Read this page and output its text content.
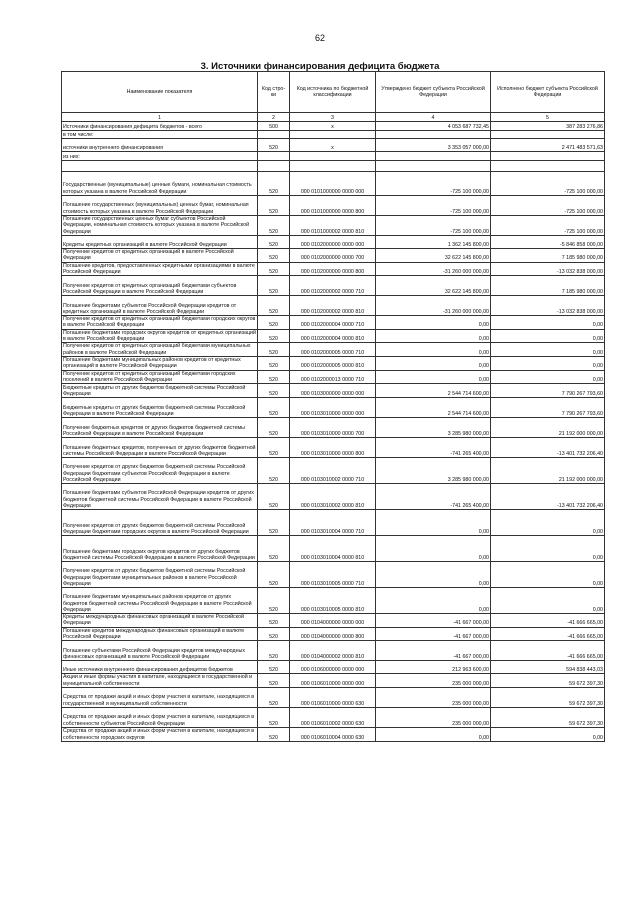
62
3. Источники финансирования дефицита бюджета
Наименование показателя	Код стро- ки	Код источника по бюджетной классификации	Утверждено бюджет субъекта Российской Федерации	Исполнено бюджет субъекта Российской Федерации
1	2	3	4	5
Источники финансирования дефицита бюджетов - всего	500	x	4 053 687 732,45	387 283 276,86
в том числе:				
источники внутреннего финансирования	520	x	3 353 057 000,00	2 471 483 571,63
из них:				

Государственные (муниципальные) ценные бумаги, номинальная стоимость которых указана в валюте Российской Федерации	520	000 0101000000 0000 000	-725 100 000,00	-725 100 000,00
Погашение государственных (муниципальных) ценных бумаг, номинальная стоимость которых указана в валюте Российской Федерации	520	000 0101000000 0000 800	-725 100 000,00	-725 100 000,00
Погашение государственных ценных бумаг субъектов Российской Федерации, номинальная стоимость которых указана в валюте Российской Федерации	520	000 0101000002 0000 810	-725 100 000,00	-725 100 000,00
Кредиты кредитных организаций в валюте Российской Федерации	520	000 0102000000 0000 000	1 362 145 800,00	-5 846 858 000,00
Получение кредитов от кредитных организаций в валюте Российской Федерации	520	000 0102000000 0000 700	32 622 145 800,00	7 185 980 000,00
Погашение кредитов, предоставленных кредитными организациями в валюте Российской Федерации	520	000 0102000000 0000 800	-31 260 000 000,00	-13 032 838 000,00
Получение кредитов от кредитных организаций бюджетами субъектов Российской Федерации в валюте Российской Федерации	520	000 0102000002 0000 710	32 622 145 800,00	7 185 980 000,00
Погашение бюджетами субъектов Российской Федерации кредитов от кредитных организаций в валюте Российской Федерации	520	000 0102000002 0000 810	-31 260 000 000,00	-13 032 838 000,00
Получение кредитов от кредитных организаций бюджетами городских округов в валюте Российской Федерации	520	000 0102000004 0000 710	0,00	0,00
Погашение бюджетами городских округов кредитов от кредитных организаций в валюте Российской Федерации	520	000 0102000004 0000 810	0,00	0,00
Получение кредитов от кредитных организаций бюджетами муниципальных районов в валюте Российской Федерации	520	000 0102000005 0000 710	0,00	0,00
Погашение бюджетами муниципальных районов кредитов от кредитных организаций в валюте Российской Федерации	520	000 0102000005 0000 810	0,00	0,00
Получение кредитов от кредитных организаций бюджетами городских поселений в валюте Российской Федерации	520	000 0102000013 0000 710	0,00	0,00
Бюджетные кредиты от других бюджетов бюджетной системы Российской Федерации	520	000 0103000000 0000 000	2 544 714 600,00	7 790 267 793,60
Бюджетные кредиты от других бюджетов бюджетной системы Российской Федерации в валюте Российской Федерации	520	000 0103010000 0000 000	2 544 714 600,00	7 790 267 793,60
Получение бюджетных кредитов от других бюджетов бюджетной системы Российской Федерации в валюте Российской Федерации	520	000 0103010000 0000 700	3 285 980 000,00	21 192 000 000,00
Погашение бюджетных кредитов, полученных от других бюджетов бюджетной системы Российской Федерации в валюте Российской Федерации	520	000 0103010000 0000 800	-741 265 400,00	-13 401 732 206,40
Получение кредитов от других бюджетов бюджетной системы Российской Федерации бюджетами субъектов Российской Федерации в валюте Российской Федерации	520	000 0103010002 0000 710	3 285 980 000,00	21 192 000 000,00
Погашение бюджетами субъектов Российской Федерации кредитов от других бюджетов бюджетной системы Российской Федерации в валюте Российской Федерации	520	000 0103010002 0000 810	-741 265 400,00	-13 401 732 206,40
Получение кредитов от других бюджетов бюджетной системы Российской Федерации бюджетами городских округов в валюте Российской Федерации	520	000 0103010004 0000 710	0,00	0,00
Погашение бюджетами городских округов кредитов от других бюджетов бюджетной системы Российской Федерации в валюте Российской Федерации	520	000 0103010004 0000 810	0,00	0,00
Получение кредитов от других бюджетов бюджетной системы Российской Федерации бюджетами муниципальных районов в валюте Российской Федерации	520	000 0103010005 0000 710	0,00	0,00
Погашение бюджетами муниципальных районов кредитов от других бюджетов бюджетной системы Российской Федерации в валюте Российской Федерации	520	000 0103010005 0000 810	0,00	0,00
Кредиты международных финансовых организаций в валюте Российской Федерации	520	000 0104000000 0000 000	-41 667 000,00	-41 666 665,00
Погашение кредитов международных финансовых организаций в валюте Российской Федерации	520	000 0104000000 0000 800	-41 667 000,00	-41 666 665,00
Погашение субъектами Российской Федерации кредитов международных финансовых организаций в валюте Российской Федерации	520	000 0104000002 0000 810	-41 667 000,00	-41 666 665,00
Иные источники внутреннего финансирования дефицитов бюджетов	520	000 0106000000 0000 000	212 963 600,00	594 838 443,03
Акции и иные формы участия в капитале, находящиеся в государственной и муниципальной собственности	520	000 0106010000 0000 000	235 000 000,00	59 672 397,30
Средства от продажи акций и иных форм участия в капитале, находящихся в государственной и муниципальной собственности	520	000 0106010000 0000 630	235 000 000,00	59 672 397,30
Средства от продажи акций и иных форм участия в капитале, находящихся в собственности субъектов Российской Федерации	520	000 0106010002 0000 630	235 000 000,00	59 672 397,30
Средства от продажи акций и иных форм участия в капитале, находящихся в собственности городских округов	520	000 0106010004 0000 630	0,00	0,00
